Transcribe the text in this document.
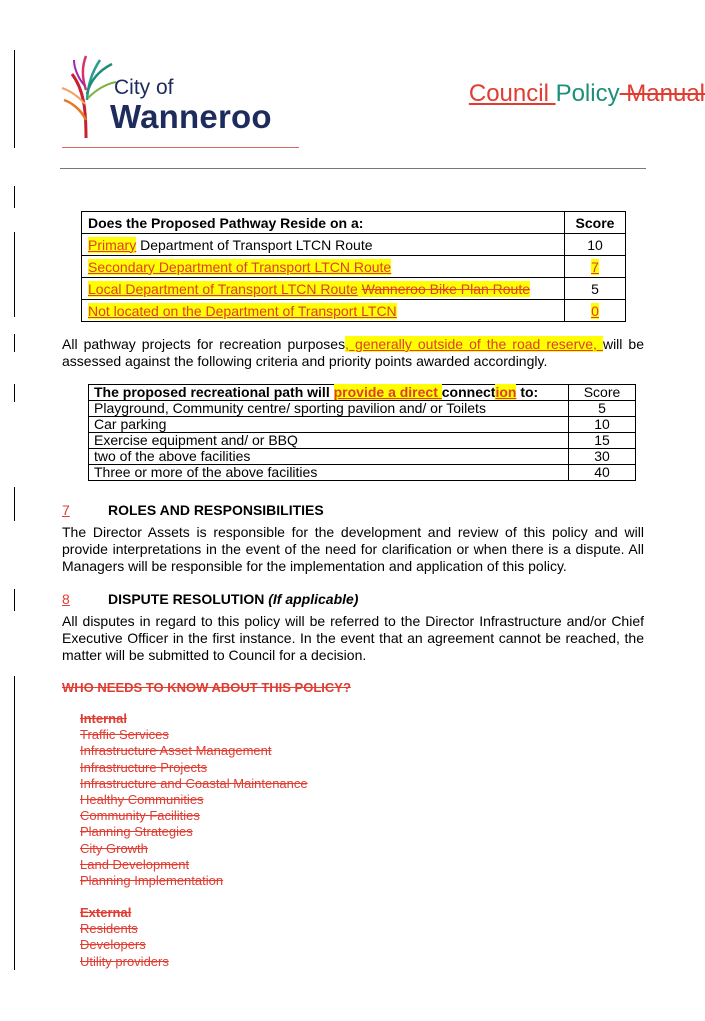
City of
Wanneroo
Council Policy Manual
Does the Proposed Pathway Reside on a:	Score
Primary Department of Transport LTCN Route	10
Secondary Department of Transport LTCN Route	7
Local Department of Transport LTCN Route Wanneroo Bike Plan Route	5
Not located on the Department of Transport LTCN	0
All pathway projects for recreation purposes, generally outside of the road reserve, will be assessed against the following criteria and priority points awarded accordingly.
The proposed recreational path will provide a direct connection to:	Score
Playground, Community centre/ sporting pavilion and/ or Toilets	5
Car parking	10
Exercise equipment and/ or BBQ	15
two of the above facilities	30
Three or more of the above facilities	40
7	ROLES AND RESPONSIBILITIES
The Director Assets is responsible for the development and review of this policy and will provide interpretations in the event of the need for clarification or when there is a dispute. All Managers will be responsible for the implementation and application of this policy.
8	DISPUTE RESOLUTION (If applicable)
All disputes in regard to this policy will be referred to the Director Infrastructure and/or Chief Executive Officer in the first instance. In the event that an agreement cannot be reached, the matter will be submitted to Council for a decision.
WHO NEEDS TO KNOW ABOUT THIS POLICY?
Internal
Traffic Services
Infrastructure Asset Management
Infrastructure Projects
Infrastructure and Coastal Maintenance
Healthy Communities
Community Facilities
Planning Strategies
City Growth
Land Development
Planning Implementation
External
Residents
Developers
Utility providers
